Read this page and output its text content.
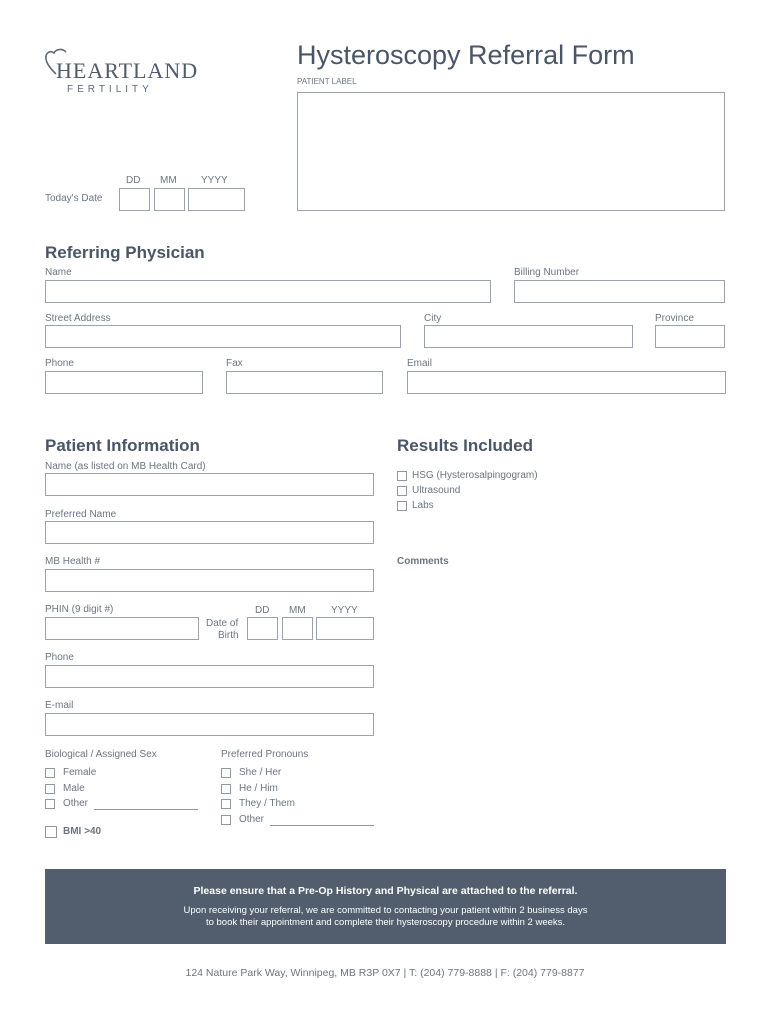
HEARTLAND
FERTILITY
Hysteroscopy Referral Form
PATIENT LABEL
DD MM YYYY
Today's Date
Referring Physician
Name	Billing Number
Street Address	City	Province
Phone	Fax	Email
Patient Information
Name (as listed on MB Health Card)
Preferred Name
MB Health #
PHIN (9 digit #)	DD MM	YYYY
Date of
Birth
Phone
E-mail
Biological / Assigned Sex
Female
Male
Other
Preferred Pronouns
She / Her
He / Him
They / Them
Other
BMI >40
Results Included
HSG (Hysterosalpingogram)
Ultrasound
Labs
Comments
Please ensure that a Pre-Op History and Physical are attached to the referral.
Upon receiving your referral, we are committed to contacting your patient within 2 business days
to book their appointment and complete their hysteroscopy procedure within 2 weeks.
124 Nature Park Way, Winnipeg, MB R3P 0X7 | T: (204) 779-8888 | F: (204) 779-8877
